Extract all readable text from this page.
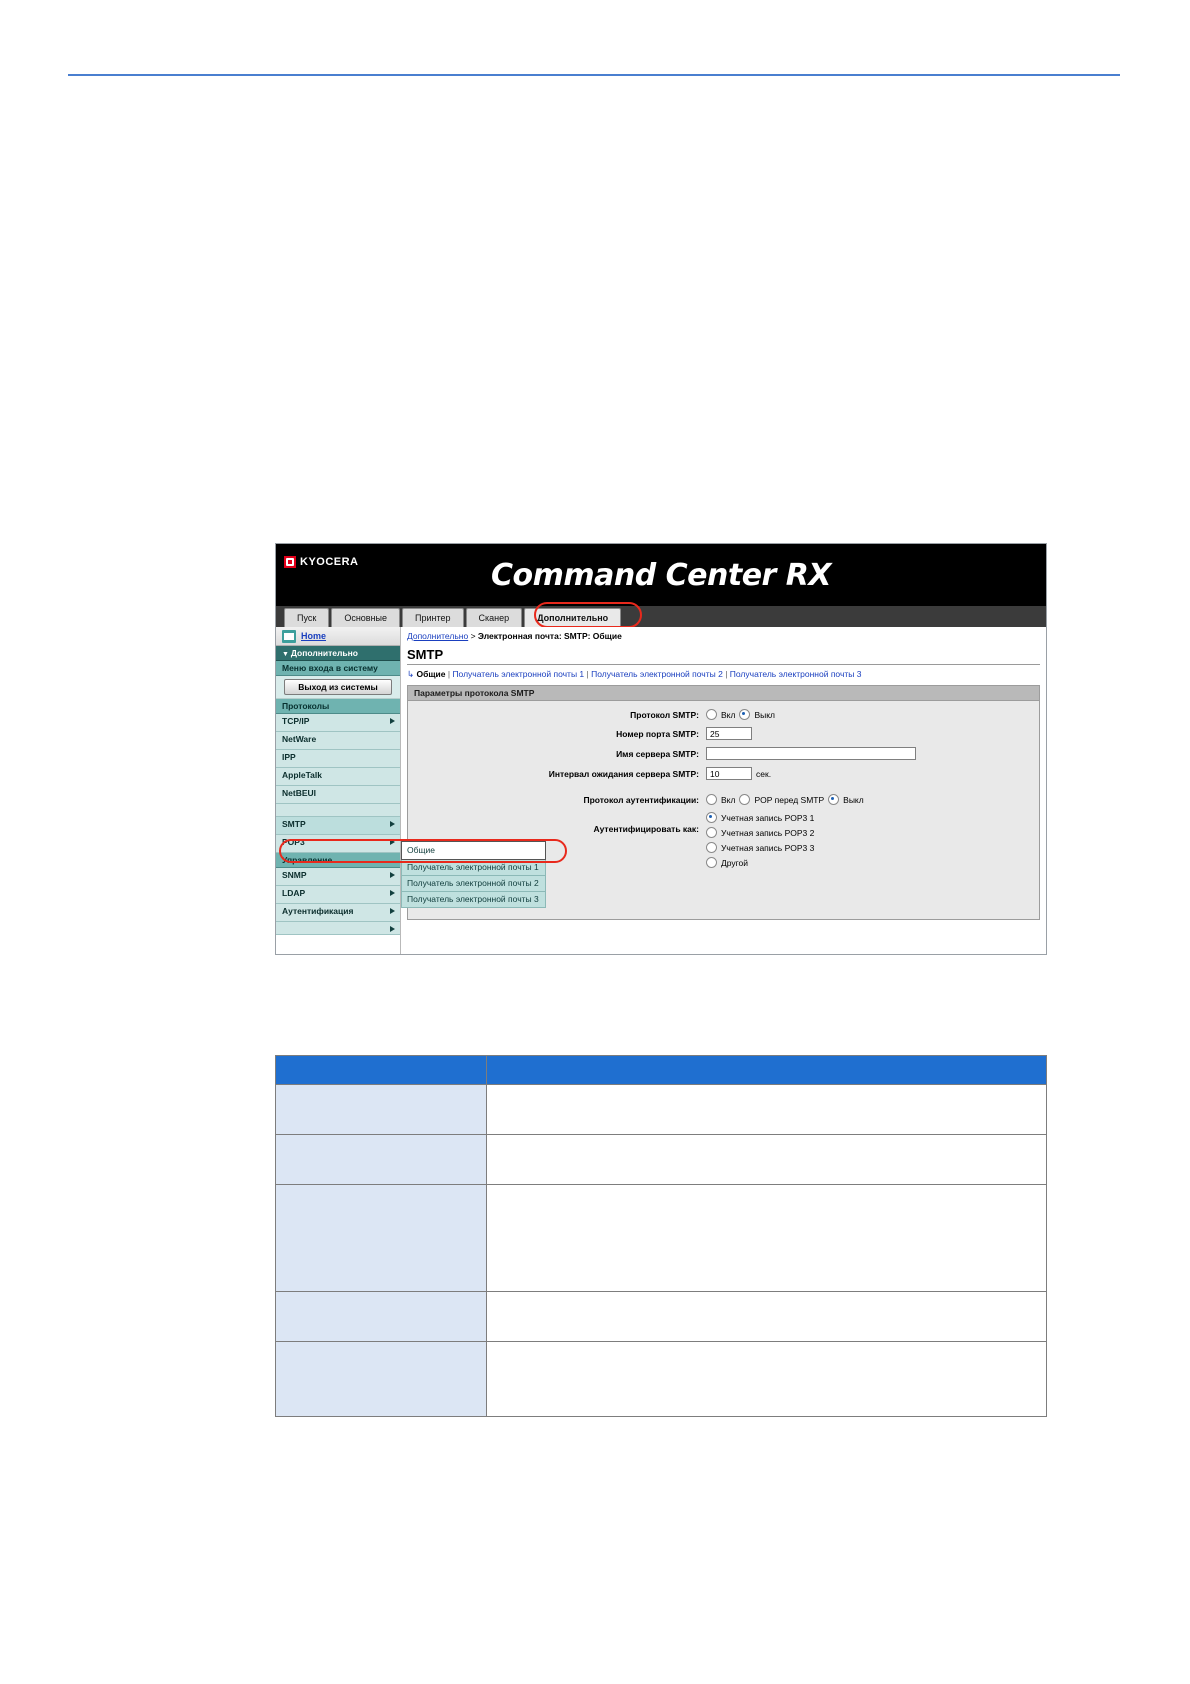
KYOCERA	Command Center RX
Пуск	Основные	Принтер	Сканер	Дополнительно
Home
▼ Дополнительно
Меню входа в систему
Выход из системы
Протоколы
TCP/IP
NetWare
IPP
AppleTalk
NetBEUI
SMTP
POP3
Управление
SNMP
LDAP
Аутентификация
Дополнительно > Электронная почта: SMTP: Общие
SMTP
↳ Общие | Получатель электронной почты 1 | Получатель электронной почты 2 | Получатель электронной почты 3
Параметры протокола SMTP
Протокол SMTP:	Вкл Выкл
Номер порта SMTP:	25
Имя сервера SMTP:
Интервал ожидания сервера SMTP:	10	сек.
Протокол аутентификации:	Вкл POP перед SMTP Выкл
Аутентифицировать как:
Учетная запись POP3 1
Учетная запись POP3 2
Учетная запись POP3 3
Другой
Общие
Получатель электронной почты 1
Получатель электронной почты 2
Получатель электронной почты 3
